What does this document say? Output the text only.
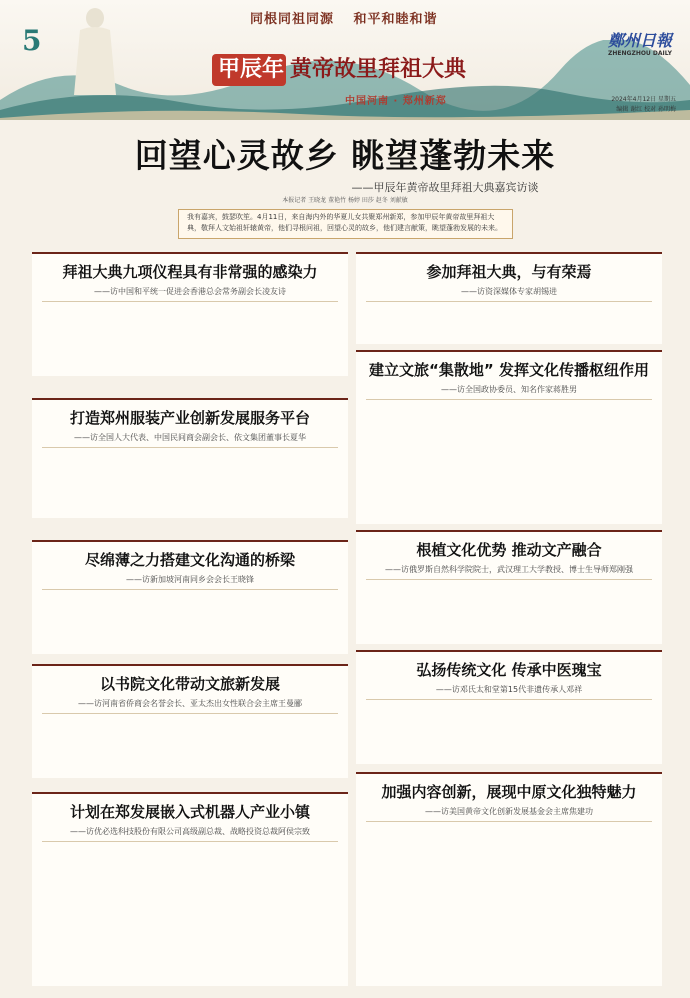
5
同根同祖同源 和平和睦和谐
甲辰年 黄帝故里拜祖大典
中国河南 · 郑州新郑
鄭州日報
ZHENGZHOU DAILY
2024年4月12日 星期五
编辑 谢红 校对 孙明梅
回望心灵故乡 眺望蓬勃未来
——甲辰年黄帝故里拜祖大典嘉宾访谈
本报记者 王晓龙 董艳竹 杨婷 田莎 赵冬 刘献敏
我有嘉宾，鼓瑟吹笙。4月11日，来自海内外的华夏儿女共聚郑州新郑，参加甲辰年黄帝故里拜祖大典，敬拜人文始祖轩辕黄帝，他们寻根问祖，回望心灵的故乡，他们建言献策，眺望蓬勃发展的未来。
拜祖大典九项仪程具有非常强的感染力
——访中国和平统一促进会香港总会常务副会长凌友诗
打造郑州服装产业创新发展服务平台
——访全国人大代表、中国民间商会副会长、依文集团董事长夏华
尽绵薄之力搭建文化沟通的桥梁
——访新加坡河南同乡会会长王晓锋
以书院文化带动文旅新发展
——访河南省侨商会名誉会长、亚太杰出女性联合会主席王曼郦
计划在郑发展嵌入式机器人产业小镇
——访优必选科技股份有限公司高级副总裁、战略投资总裁阿侯宗致
参加拜祖大典，与有荣焉
——访资深媒体专家胡锡进
建立文旅“集散地” 发挥文化传播枢纽作用
——访全国政协委员、知名作家蒋胜男
根植文化优势 推动文产融合
——访俄罗斯自然科学院院士，武汉理工大学教授、博士生导师郑刚强
弘扬传统文化 传承中医瑰宝
——访邓氏太和堂第15代非遗传承人邓祥
加强内容创新，展现中原文化独特魅力
——访美国黄帝文化创新发展基金会主席焦建功
